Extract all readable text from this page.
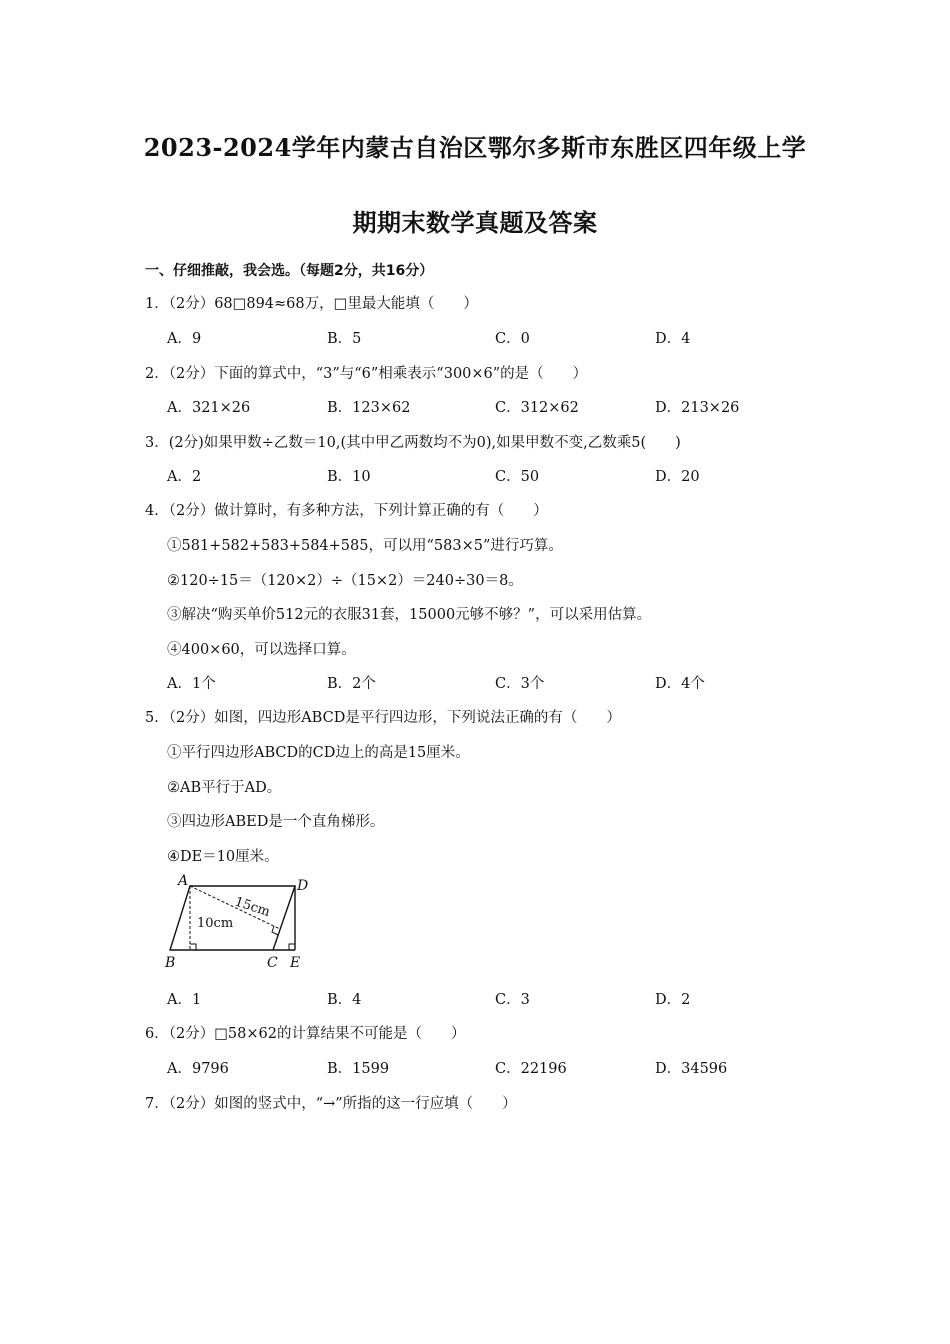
2023-2024学年内蒙古自治区鄂尔多斯市东胜区四年级上学
期期末数学真题及答案
一、仔细推敲，我会选。（每题2分，共16分）
1．（2分）68□894≈68万，□里最大能填（　　）
A．9	B．5	C．0	D．4
2．（2分）下面的算式中，“3”与“6”相乘表示“300×6”的是（　　）
A．321×26	B．123×62	C．312×62	D．213×26
3．(2分)如果甲数÷乙数＝10,(其中甲乙两数均不为0),如果甲数不变,乙数乘5(　　)
A．2	B．10	C．50	D．20
4．（2分）做计算时，有多种方法，下列计算正确的有（　　）
①581+582+583+584+585，可以用“583×5”进行巧算。
②120÷15＝（120×2）÷（15×2）＝240÷30＝8。
③解决“购买单价512元的衣服31套，15000元够不够？”，可以采用估算。
④400×60，可以选择口算。
A．1个	B．2个	C．3个	D．4个
5．（2分）如图，四边形ABCD是平行四边形，下列说法正确的有（　　）
①平行四边形ABCD的CD边上的高是15厘米。
②AB平行于AD。
③四边形ABED是一个直角梯形。
④DE＝10厘米。
A	D
B	C E
15cm
10cm
A．1	B．4	C．3	D．2
6．（2分）□58×62的计算结果不可能是（　　）
A．9796	B．1599	C．22196	D．34596
7．（2分）如图的竖式中，“→”所指的这一行应填（　　）
